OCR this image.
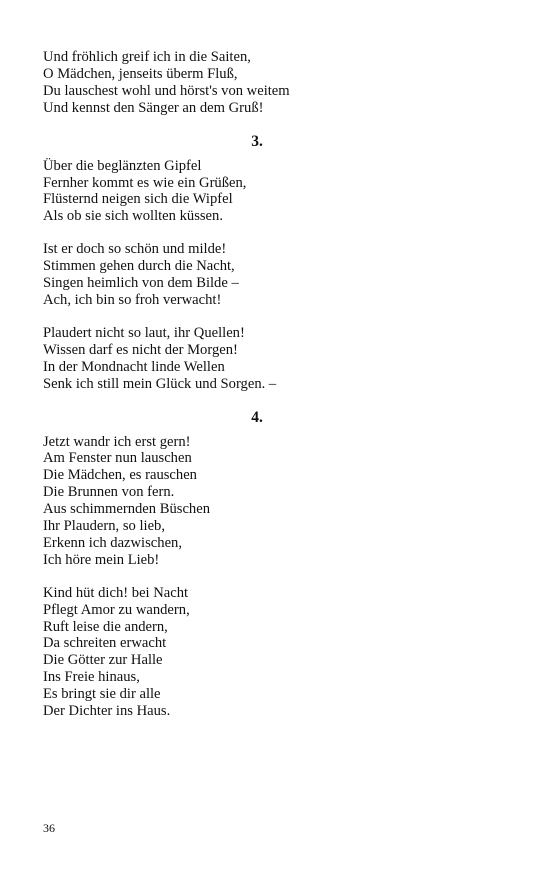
Und fröhlich greif ich in die Saiten,
O Mädchen, jenseits überm Fluß,
Du lauschest wohl und hörst's von weitem
Und kennst den Sänger an dem Gruß!
3.
Über die beglänzten Gipfel
Fernher kommt es wie ein Grüßen,
Flüsternd neigen sich die Wipfel
Als ob sie sich wollten küssen.
Ist er doch so schön und milde!
Stimmen gehen durch die Nacht,
Singen heimlich von dem Bilde –
Ach, ich bin so froh verwacht!
Plaudert nicht so laut, ihr Quellen!
Wissen darf es nicht der Morgen!
In der Mondnacht linde Wellen
Senk ich still mein Glück und Sorgen. –
4.
Jetzt wandr ich erst gern!
Am Fenster nun lauschen
Die Mädchen, es rauschen
Die Brunnen von fern.
Aus schimmernden Büschen
Ihr Plaudern, so lieb,
Erkenn ich dazwischen,
Ich höre mein Lieb!
Kind hüt dich! bei Nacht
Pflegt Amor zu wandern,
Ruft leise die andern,
Da schreiten erwacht
Die Götter zur Halle
Ins Freie hinaus,
Es bringt sie dir alle
Der Dichter ins Haus.
36
